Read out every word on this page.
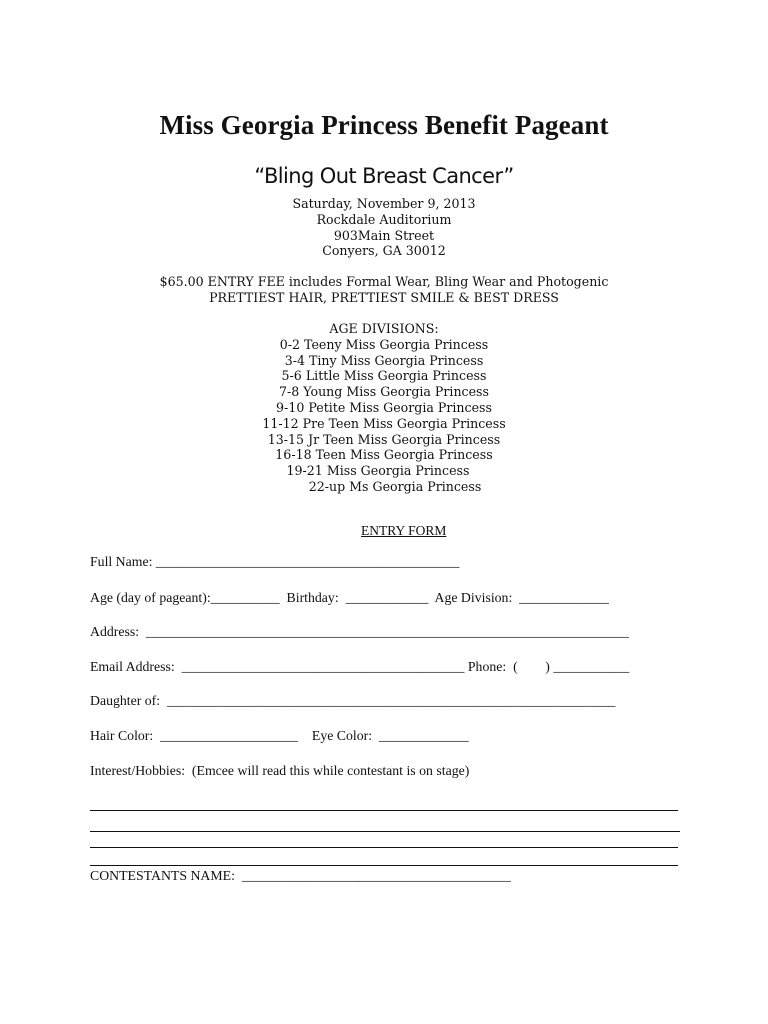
Miss Georgia Princess Benefit Pageant
“Bling Out Breast Cancer”
Saturday, November 9, 2013
Rockdale Auditorium
903Main Street
Conyers, GA 30012
$65.00 ENTRY FEE includes Formal Wear, Bling Wear and Photogenic
PRETTIEST HAIR, PRETTIEST SMILE & BEST DRESS
AGE DIVISIONS:
0-2 Teeny Miss Georgia Princess
3-4 Tiny Miss Georgia Princess
5-6 Little Miss Georgia Princess
7-8 Young Miss Georgia Princess
9-10 Petite Miss Georgia Princess
11-12 Pre Teen Miss Georgia Princess
13-15 Jr Teen Miss Georgia Princess
16-18 Teen Miss Georgia Princess
19-21 Miss Georgia Princess
22-up Ms Georgia Princess
ENTRY FORM
Full Name: ____________________________________________
Age (day of pageant):__________  Birthday:  ____________  Age Division:  _____________
Address:  ______________________________________________________________________
Email Address:  _________________________________________ Phone:  (        ) ___________
Daughter of:  _________________________________________________________________
Hair Color:  ____________________    Eye Color:  _____________
Interest/Hobbies:  (Emcee will read this while contestant is on stage)
CONTESTANTS NAME:  _______________________________________
